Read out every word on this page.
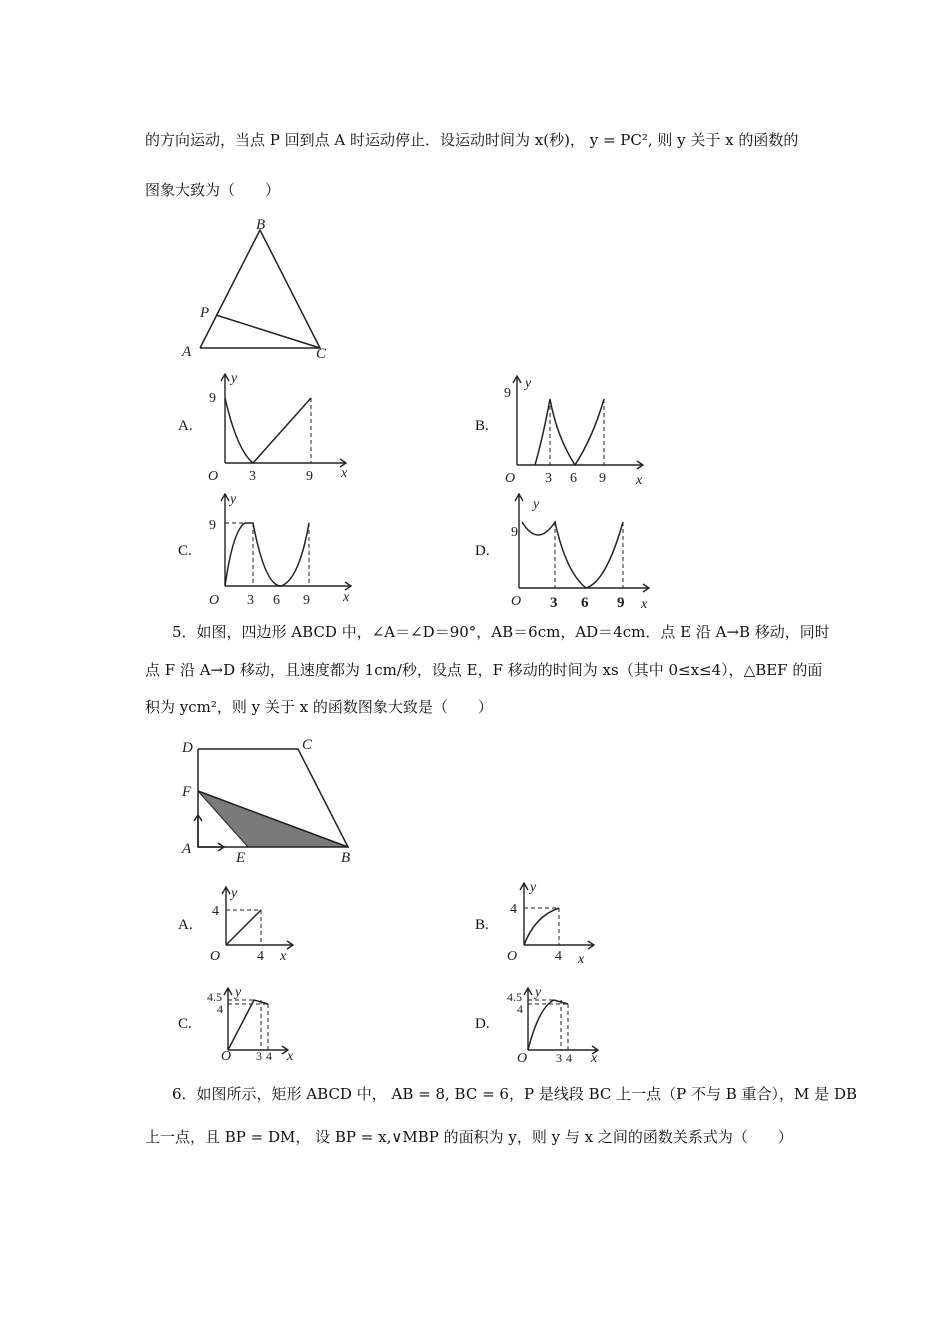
的方向运动，当点 P 回到点 A 时运动停止．设运动时间为 x(秒)， y = PC², 则 y 关于 x 的函数的
图象大致为（　　）
B
P
A	C
A.
y
9
O 3	9 x
B.
y
9
O 3 6 9 x
C.
y
9
O 3 6 9 x
D.
y
9
O 3 6 9 x
5．如图，四边形 ABCD 中，∠A＝∠D＝90°，AB＝6cm，AD＝4cm．点 E 沿 A→B 移动，同时
点 F 沿 A→D 移动，且速度都为 1cm/秒，设点 E，F 移动的时间为 xs（其中 0≤x≤4），△BEF 的面
积为 ycm²，则 y 关于 x 的函数图象大致是（　　）
D	C
F
A
E	B
A.
y
4
O	4 x
B.
y
4
O	4 x
C.
y
4.5
4
O 3 4 x
D.
y
4.5
4
O 3 4 x
6．如图所示，矩形 ABCD 中， AB = 8, BC = 6，P 是线段 BC 上一点（P 不与 B 重合），M 是 DB
上一点，且 BP = DM， 设 BP = x,∨MBP 的面积为 y，则 y 与 x 之间的函数关系式为（　　）
